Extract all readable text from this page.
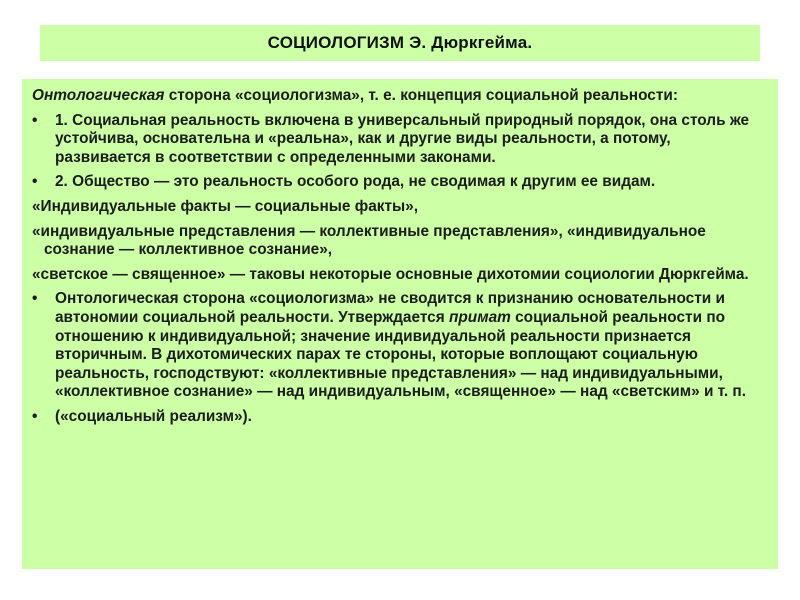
СОЦИОЛОГИЗМ Э. Дюркгейма.

Онтологическая сторона «социологизма», т. е. концепция социальной реальности:

• 1. Социальная реальность включена в универсальный природный порядок, она столь же устойчива, основательна и «реальна», как и другие виды реальности, а потому, развивается в соответствии с определенными законами.

• 2. Общество — это реальность особого рода, не сводимая к другим ее видам.

«Индивидуальные факты — социальные факты»,

«индивидуальные представления — коллективные представления», «индивидуальное сознание — коллективное сознание»,

«светское — священное» — таковы некоторые основные дихотомии социологии Дюркгейма.

• Онтологическая сторона «социологизма» не сводится к признанию основательности и автономии социальной реальности. Утверждается примат социальной реальности по отношению к индивидуальной; значение индивидуальной реальности признается вторичным. В дихотомических парах те стороны, которые воплощают социальную реальность, господствуют: «коллективные представления» — над индивидуальными, «коллективное сознание» — над индивидуальным, «священное» — над «светским» и т. п.

• («социальный реализм»).
